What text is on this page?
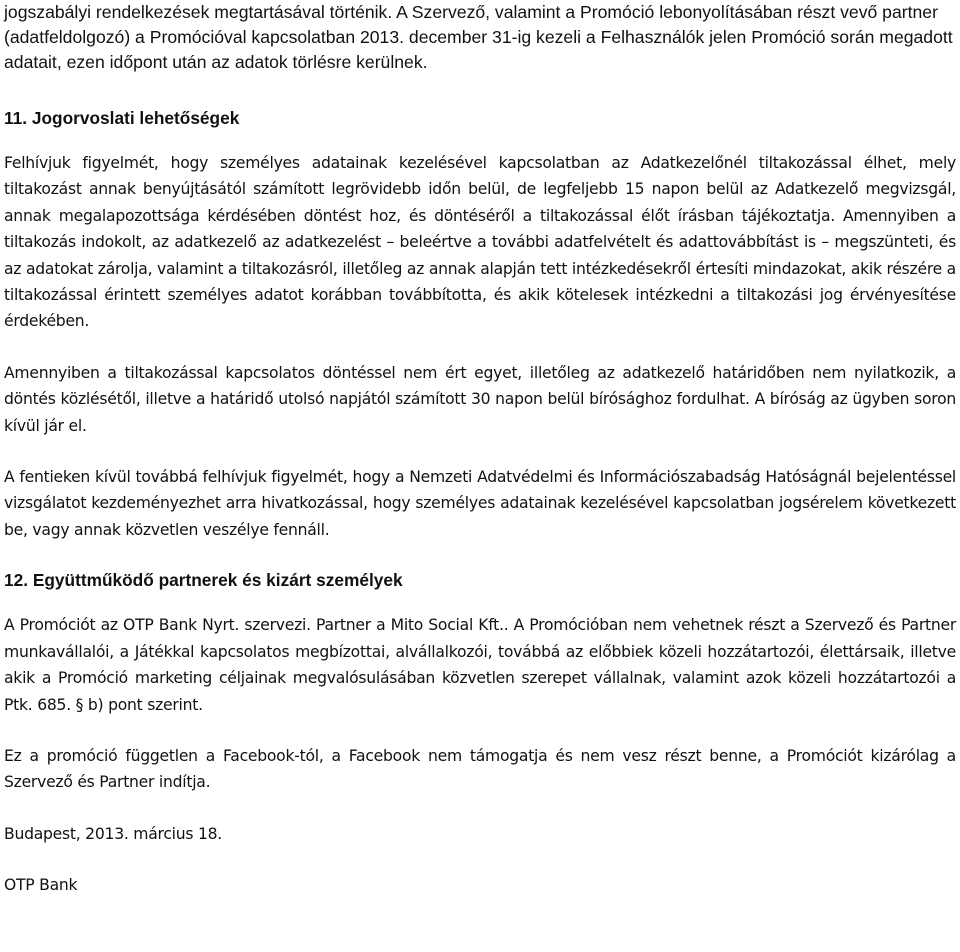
jogszabályi rendelkezések megtartásával történik. A Szervező, valamint a Promóció lebonyolításában részt vevő partner (adatfeldolgozó) a Promócióval kapcsolatban 2013. december 31-ig kezeli a Felhasználók jelen Promóció során megadott adatait, ezen időpont után az adatok törlésre kerülnek.

11. Jogorvoslati lehetőségek

Felhívjuk figyelmét, hogy személyes adatainak kezelésével kapcsolatban az Adatkezelőnél tiltakozással élhet, mely tiltakozást annak benyújtásától számított legrövidebb időn belül, de legfeljebb 15 napon belül az Adatkezelő megvizsgál, annak megalapozottsága kérdésében döntést hoz, és döntéséről a tiltakozással élőt írásban tájékoztatja. Amennyiben a tiltakozás indokolt, az adatkezelő az adatkezelést – beleértve a további adatfelvételt és adattovábbítást is – megszünteti, és az adatokat zárolja, valamint a tiltakozásról, illetőleg az annak alapján tett intézkedésekről értesíti mindazokat, akik részére a tiltakozással érintett személyes adatot korábban továbbította, és akik kötelesek intézkedni a tiltakozási jog érvényesítése érdekében.

Amennyiben a tiltakozással kapcsolatos döntéssel nem ért egyet, illetőleg az adatkezelő határidőben nem nyilatkozik, a döntés közlésétől, illetve a határidő utolsó napjától számított 30 napon belül bírósághoz fordulhat. A bíróság az ügyben soron kívül jár el.

A fentieken kívül továbbá felhívjuk figyelmét, hogy a Nemzeti Adatvédelmi és Információszabadság Hatóságnál bejelentéssel vizsgálatot kezdeményezhet arra hivatkozással, hogy személyes adatainak kezelésével kapcsolatban jogsérelem következett be, vagy annak közvetlen veszélye fennáll.

12. Együttműködő partnerek és kizárt személyek

A Promóciót az OTP Bank Nyrt. szervezi. Partner a Mito Social Kft.. A Promócióban nem vehetnek részt a Szervező és Partner munkavállalói, a Játékkal kapcsolatos megbízottai, alvállalkozói, továbbá az előbbiek közeli hozzátartozói, élettársaik, illetve akik a Promóció marketing céljainak megvalósulásában közvetlen szerepet vállalnak, valamint azok közeli hozzátartozói a Ptk. 685. § b) pont szerint.

Ez a promóció független a Facebook-tól, a Facebook nem támogatja és nem vesz részt benne, a Promóciót kizárólag a Szervező és Partner indítja.

Budapest, 2013. március 18.

OTP Bank
